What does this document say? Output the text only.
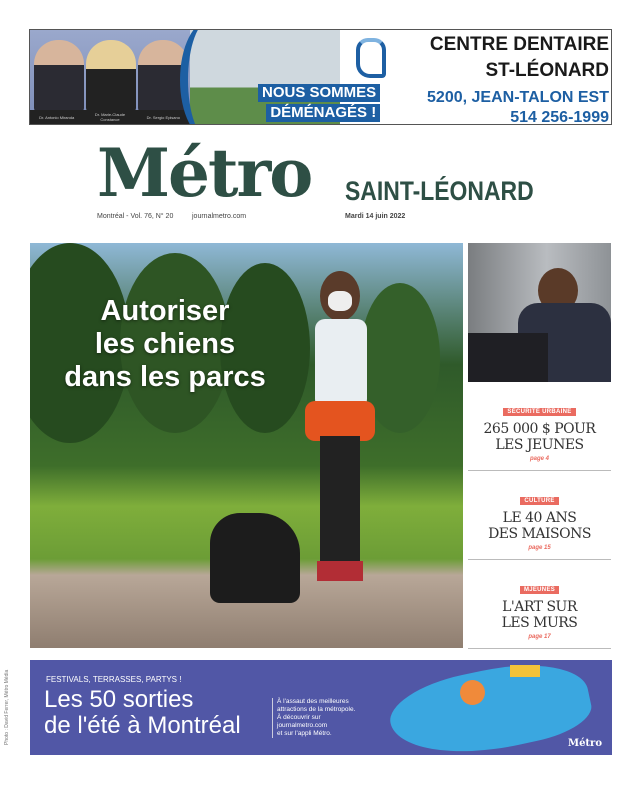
Dr. Antonio Miranda	Dr. Marie-Claude Constance	Dr. Sergio Episano
NOUS SOMMES
DÉMÉNAGÉS !
CENTRE DENTAIRE
ST-LÉONARD
5200, JEAN-TALON EST
514 256-1999
Métro SAINT-LÉONARD
Montréal - Vol. 76, N° 20	journalmetro.com	Mardi 14 juin 2022
Autoriser
les chiens
dans les parcs
SÉCURITÉ URBAINE
265 000 $ POUR
LES JEUNES
page 4
CULTURE
LE 40 ANS
DES MAISONS
page 15
MJEUNES
L'ART SUR
LES MURS
page 17
Photo : David Ferrer, Métro Média	FESTIVALS, TERRASSES, PARTYS !
Les 50 sorties
de l'été à Montréal
À l'assaut des meilleures
attractions de la métropole.
À découvrir sur
journalmetro.com
et sur l'appli Métro.
Métro
